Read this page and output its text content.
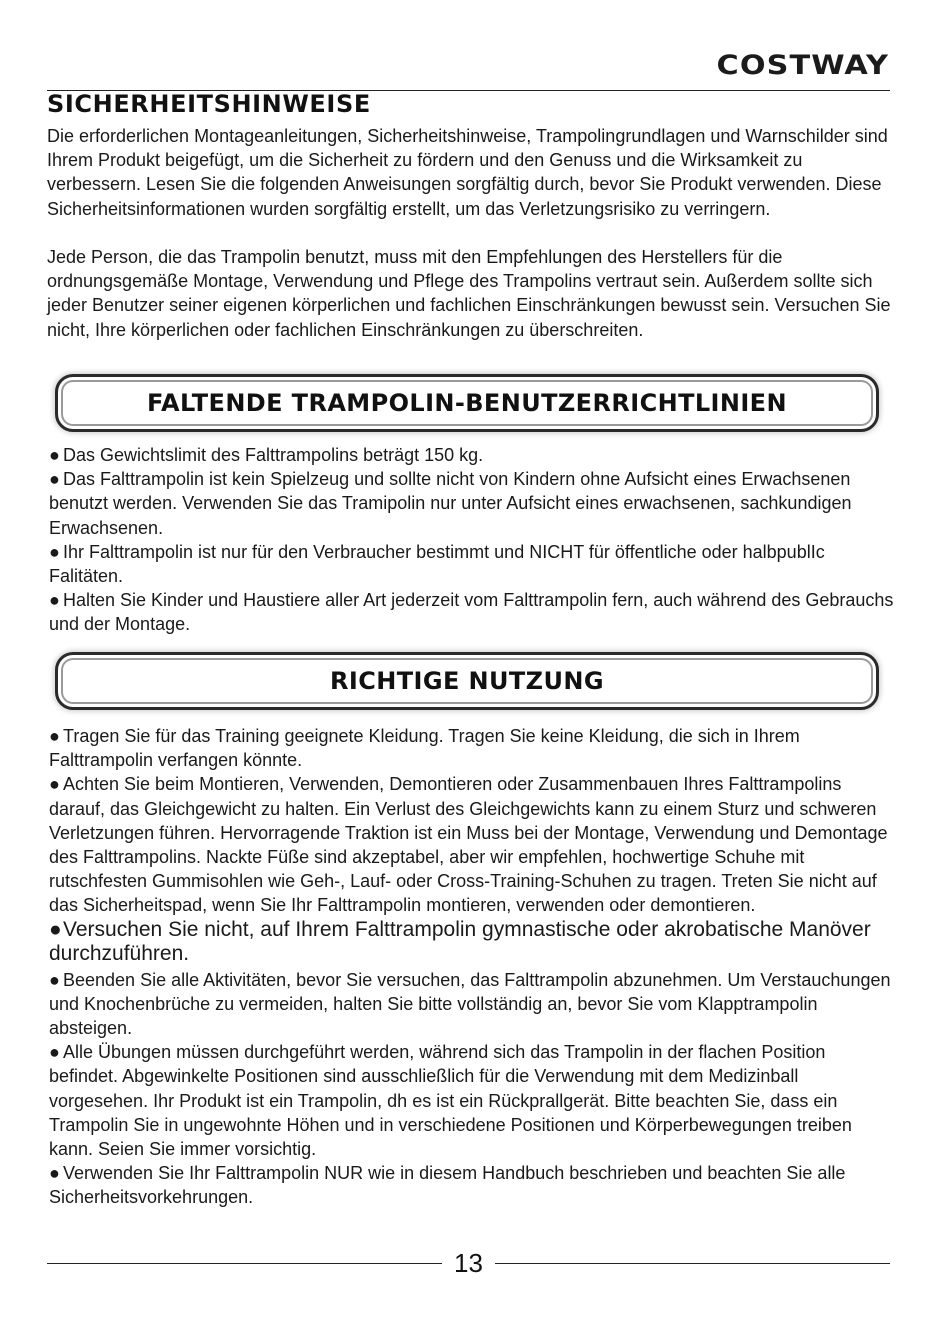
COSTWAY
SICHERHEITSHINWEISE

Die erforderlichen Montageanleitungen, Sicherheitshinweise, Trampolingrundlagen und Warnschilder sind Ihrem Produkt beigefügt, um die Sicherheit zu fördern und den Genuss und die Wirksamkeit zu verbessern. Lesen Sie die folgenden Anweisungen sorgfältig durch, bevor Sie Produkt verwenden. Diese Sicherheitsinformationen wurden sorgfältig erstellt, um das Verletzungsrisiko zu verringern.

Jede Person, die das Trampolin benutzt, muss mit den Empfehlungen des Herstellers für die ordnungsgemäße Montage, Verwendung und Pflege des Trampolins vertraut sein. Außerdem sollte sich jeder Benutzer seiner eigenen körperlichen und fachlichen Einschränkungen bewusst sein. Versuchen Sie nicht, Ihre körperlichen oder fachlichen Einschränkungen zu überschreiten.

FALTENDE TRAMPOLIN-BENUTZERRICHTLINIEN
● Das Gewichtslimit des Falttrampolins beträgt 150 kg.
● Das Falttrampolin ist kein Spielzeug und sollte nicht von Kindern ohne Aufsicht eines Erwachsenen benutzt werden. Verwenden Sie das Tramipolin nur unter Aufsicht eines erwachsenen, sachkundigen Erwachsenen.
● Ihr Falttrampolin ist nur für den Verbraucher bestimmt und NICHT für öffentliche oder halbpublIc Falitäten.
● Halten Sie Kinder und Haustiere aller Art jederzeit vom Falttrampolin fern, auch während des Gebrauchs und der Montage.
RICHTIGE NUTZUNG
● Tragen Sie für das Training geeignete Kleidung. Tragen Sie keine Kleidung, die sich in Ihrem Falttrampolin verfangen könnte.
● Achten Sie beim Montieren, Verwenden, Demontieren oder Zusammenbauen Ihres Falttrampolins darauf, das Gleichgewicht zu halten. Ein Verlust des Gleichgewichts kann zu einem Sturz und schweren Verletzungen führen. Hervorragende Traktion ist ein Muss bei der Montage, Verwendung und Demontage des Falttrampolins. Nackte Füße sind akzeptabel, aber wir empfehlen, hochwertige Schuhe mit rutschfesten Gummisohlen wie Geh-, Lauf- oder Cross-Training-Schuhen zu tragen. Treten Sie nicht auf das Sicherheitspad, wenn Sie Ihr Falttrampolin montieren, verwenden oder demontieren.
●Versuchen Sie nicht, auf Ihrem Falttrampolin gymnastische oder akrobatische Manöver durchzuführen.
● Beenden Sie alle Aktivitäten, bevor Sie versuchen, das Falttrampolin abzunehmen. Um Verstauchungen und Knochenbrüche zu vermeiden, halten Sie bitte vollständig an, bevor Sie vom Klapptrampolin absteigen.
● Alle Übungen müssen durchgeführt werden, während sich das Trampolin in der flachen Position befindet. Abgewinkelte Positionen sind ausschließlich für die Verwendung mit dem Medizinball vorgesehen. Ihr Produkt ist ein Trampolin, dh es ist ein Rückprallgerät. Bitte beachten Sie, dass ein Trampolin Sie in ungewohnte Höhen und in verschiedene Positionen und Körperbewegungen treiben kann. Seien Sie immer vorsichtig.
● Verwenden Sie Ihr Falttrampolin NUR wie in diesem Handbuch beschrieben und beachten Sie alle Sicherheitsvorkehrungen.
13
